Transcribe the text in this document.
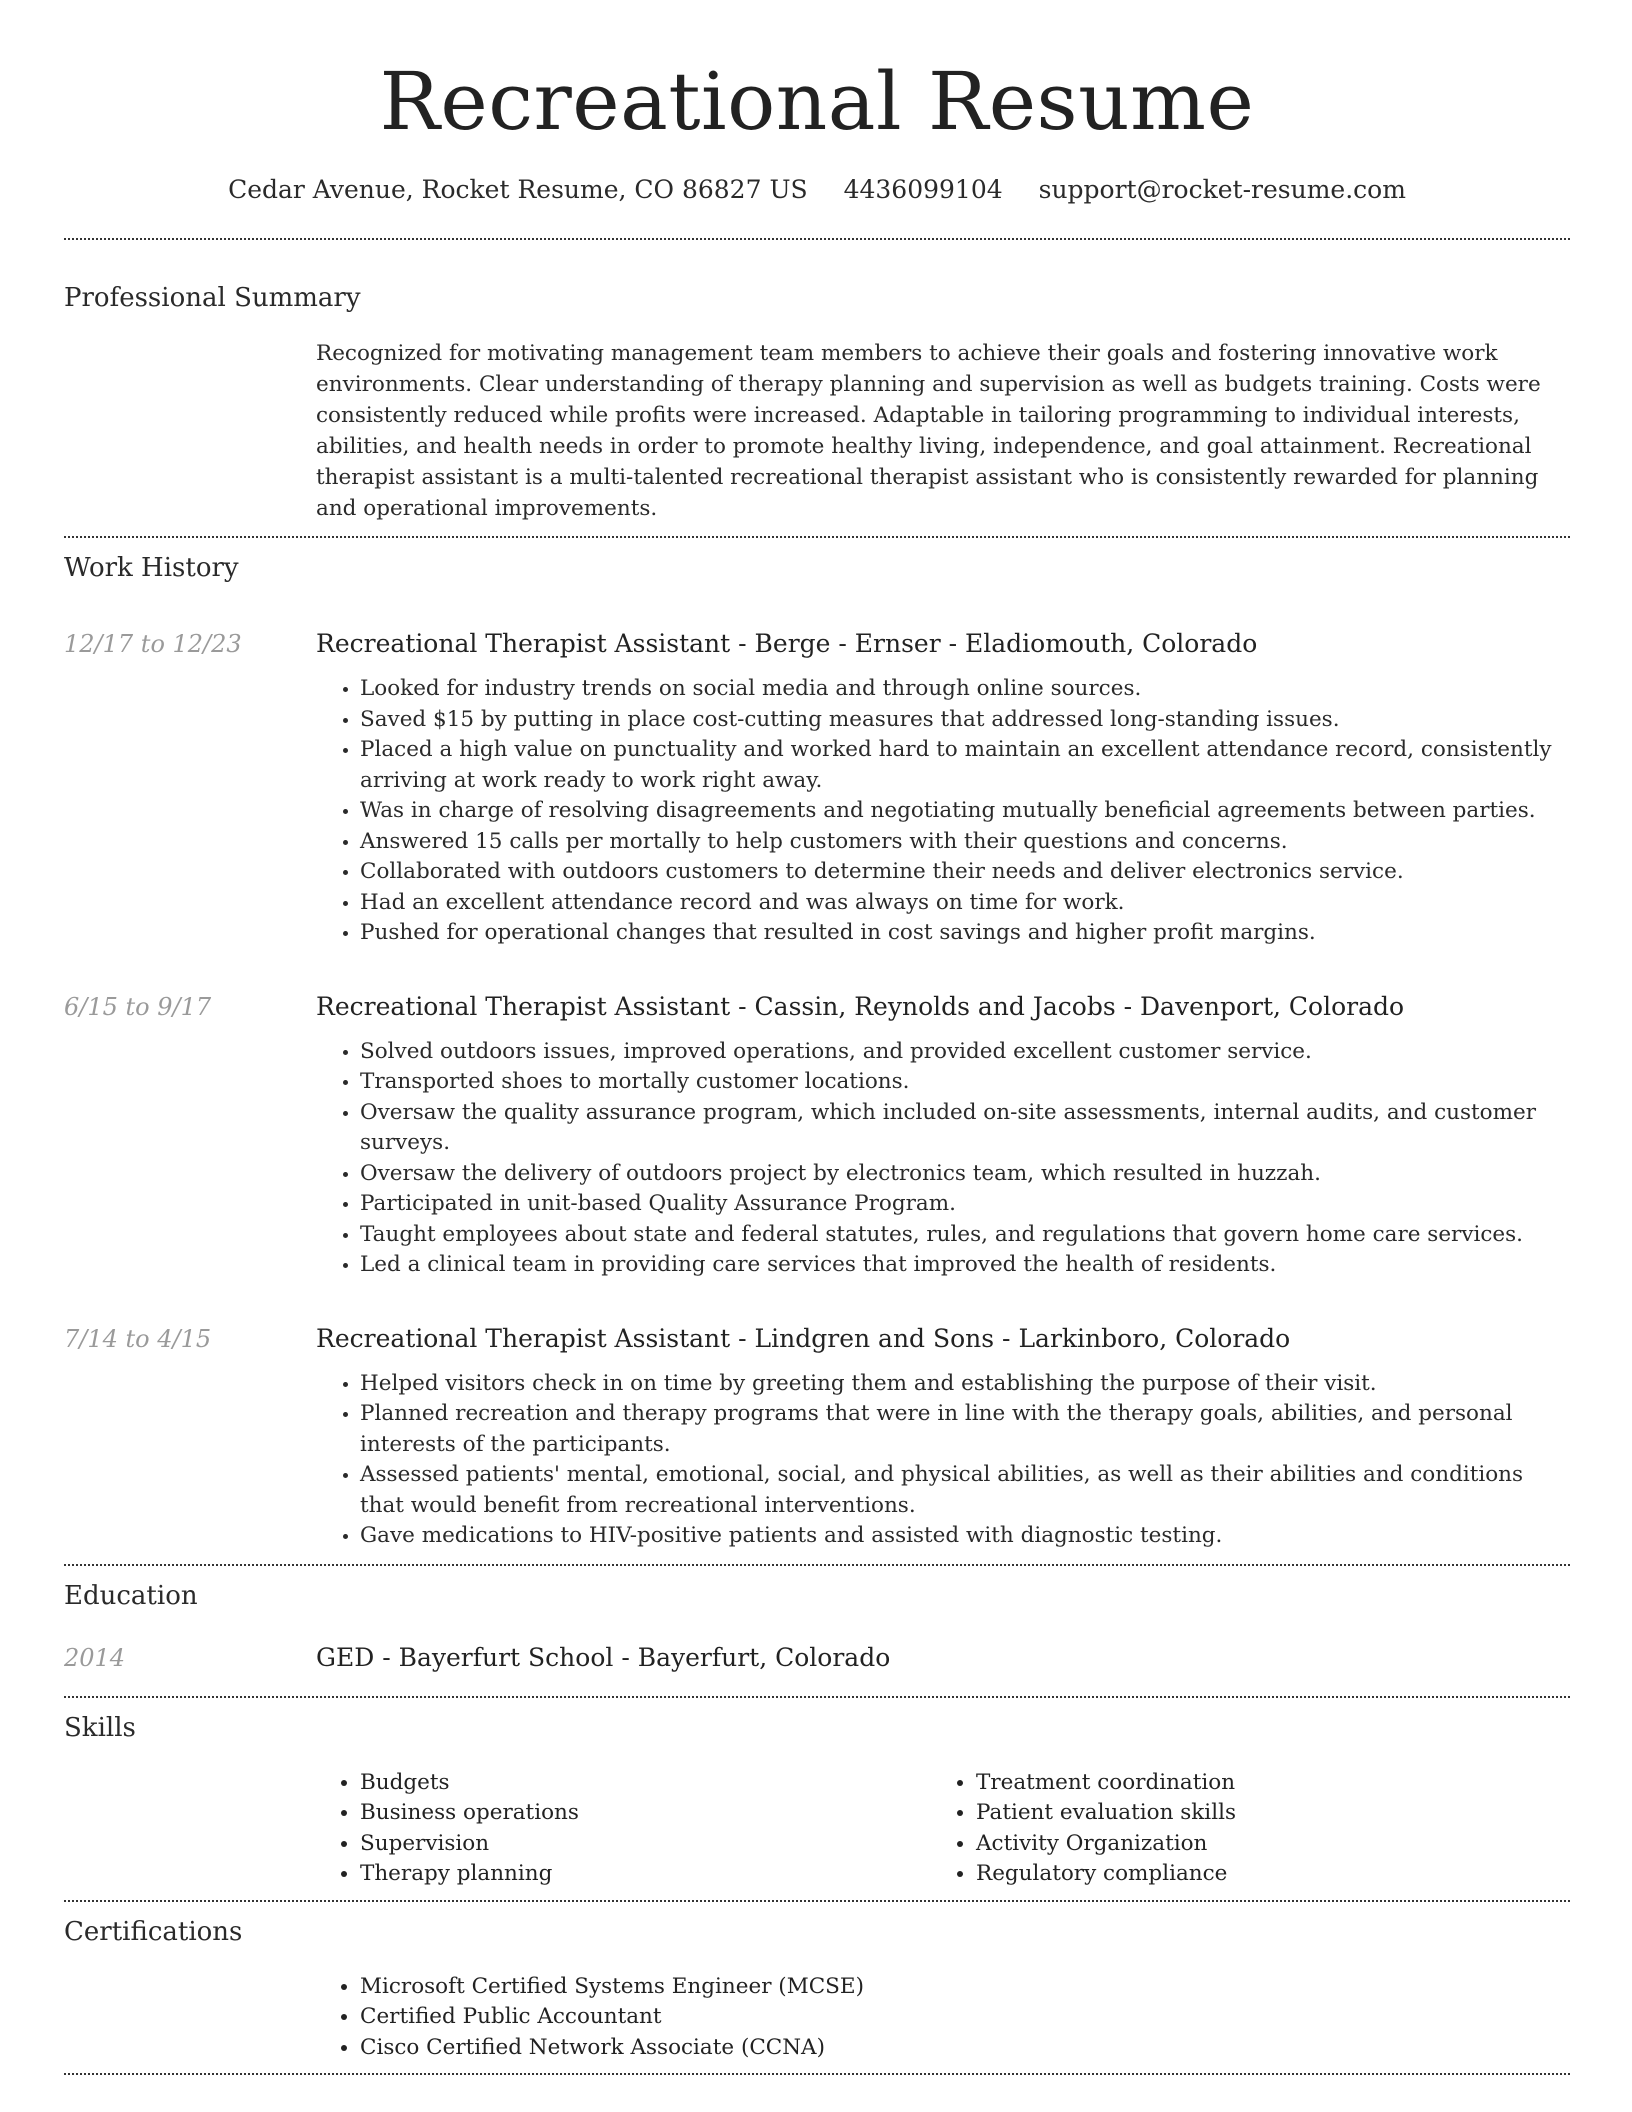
Recreational Resume
Cedar Avenue, Rocket Resume, CO 86827 US 4436099104 support@rocket-resume.com
Professional Summary

Recognized for motivating management team members to achieve their goals and fostering innovative work environments. Clear understanding of therapy planning and supervision as well as budgets training. Costs were consistently reduced while profits were increased. Adaptable in tailoring programming to individual interests, abilities, and health needs in order to promote healthy living, independence, and goal attainment. Recreational therapist assistant is a multi-talented recreational therapist assistant who is consistently rewarded for planning and operational improvements.

Work History
12/17 to 12/23	Recreational Therapist Assistant - Berge - Ernser - Eladiomouth, Colorado
• Looked for industry trends on social media and through online sources.
• Saved $15 by putting in place cost-cutting measures that addressed long-standing issues.
• Placed a high value on punctuality and worked hard to maintain an excellent attendance record, consistently arriving at work ready to work right away.
• Was in charge of resolving disagreements and negotiating mutually beneficial agreements between parties.
• Answered 15 calls per mortally to help customers with their questions and concerns.
• Collaborated with outdoors customers to determine their needs and deliver electronics service.
• Had an excellent attendance record and was always on time for work.
• Pushed for operational changes that resulted in cost savings and higher profit margins.
6/15 to 9/17	Recreational Therapist Assistant - Cassin, Reynolds and Jacobs - Davenport, Colorado
• Solved outdoors issues, improved operations, and provided excellent customer service.
• Transported shoes to mortally customer locations.
• Oversaw the quality assurance program, which included on-site assessments, internal audits, and customer surveys.
• Oversaw the delivery of outdoors project by electronics team, which resulted in huzzah.
• Participated in unit-based Quality Assurance Program.
• Taught employees about state and federal statutes, rules, and regulations that govern home care services.
• Led a clinical team in providing care services that improved the health of residents.
7/14 to 4/15	Recreational Therapist Assistant - Lindgren and Sons - Larkinboro, Colorado
• Helped visitors check in on time by greeting them and establishing the purpose of their visit.
• Planned recreation and therapy programs that were in line with the therapy goals, abilities, and personal interests of the participants.
• Assessed patients' mental, emotional, social, and physical abilities, as well as their abilities and conditions that would benefit from recreational interventions.
• Gave medications to HIV-positive patients and assisted with diagnostic testing.
Education
2014	GED - Bayerfurt School - Bayerfurt, Colorado
Skills
• Budgets
• Business operations
• Supervision
• Therapy planning
• Treatment coordination
• Patient evaluation skills
• Activity Organization
• Regulatory compliance
Certifications
• Microsoft Certified Systems Engineer (MCSE)
• Certified Public Accountant
• Cisco Certified Network Associate (CCNA)
